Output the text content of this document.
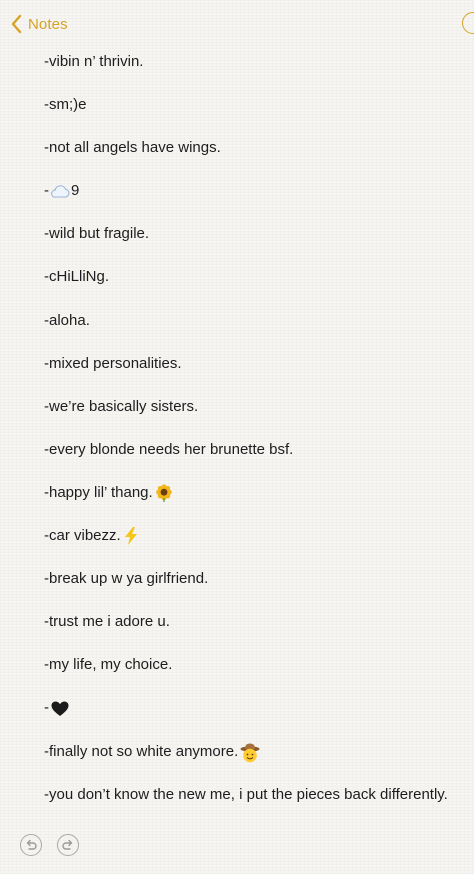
Notes
-vibin n’ thrivin.
-sm;)e
-not all angels have wings.
- 9
-wild but fragile.
-cHiLliNg.
-aloha.
-mixed personalities.
-we’re basically sisters.
-every blonde needs her brunette bsf.
-happy lil’ thang.
-car vibezz.
-break up w ya girlfriend.
-trust me i adore u.
-my life, my choice.
-
-finally not so white anymore.
-you don’t know the new me, i put the pieces back differently.
